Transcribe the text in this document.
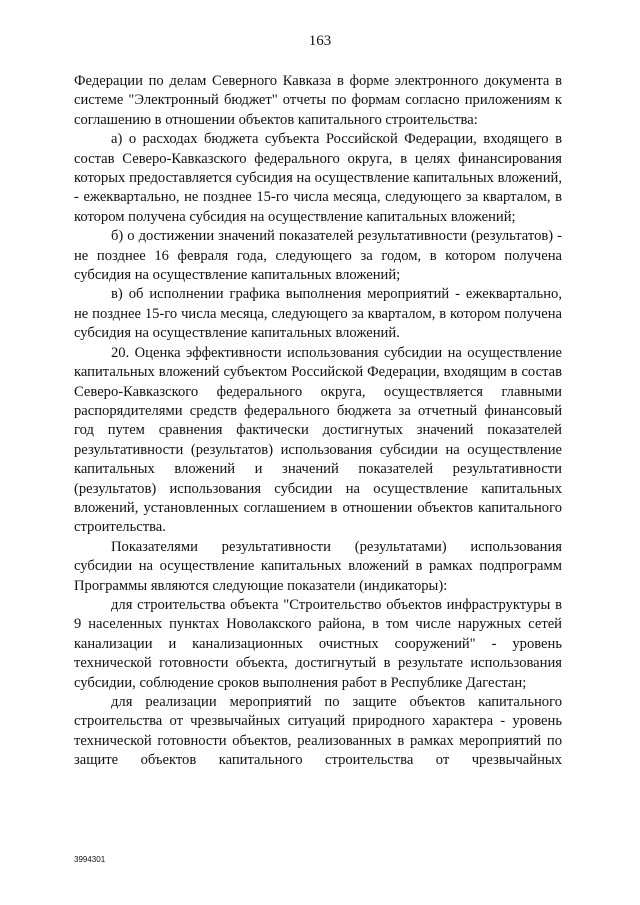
163

Федерации по делам Северного Кавказа в форме электронного документа в системе "Электронный бюджет" отчеты по формам согласно приложениям к соглашению в отношении объектов капитального строительства:

а) о расходах бюджета субъекта Российской Федерации, входящего в состав Северо-Кавказского федерального округа, в целях финансирования которых предоставляется субсидия на осуществление капитальных вложений, - ежеквартально, не позднее 15-го числа месяца, следующего за кварталом, в котором получена субсидия на осуществление капитальных вложений;

б) о достижении значений показателей результативности (результатов) - не позднее 16 февраля года, следующего за годом, в котором получена субсидия на осуществление капитальных вложений;

в) об исполнении графика выполнения мероприятий - ежеквартально, не позднее 15-го числа месяца, следующего за кварталом, в котором получена субсидия на осуществление капитальных вложений.

20. Оценка эффективности использования субсидии на осуществление капитальных вложений субъектом Российской Федерации, входящим в состав Северо-Кавказского федерального округа, осуществляется главными распорядителями средств федерального бюджета за отчетный финансовый год путем сравнения фактически достигнутых значений показателей результативности (результатов) использования субсидии на осуществление капитальных вложений и значений показателей результативности (результатов) использования субсидии на осуществление капитальных вложений, установленных соглашением в отношении объектов капитального строительства.

Показателями результативности (результатами) использования субсидии на осуществление капитальных вложений в рамках подпрограмм Программы являются следующие показатели (индикаторы):

для строительства объекта "Строительство объектов инфраструктуры в 9 населенных пунктах Новолакского района, в том числе наружных сетей канализации и канализационных очистных сооружений" - уровень технической готовности объекта, достигнутый в результате использования субсидии, соблюдение сроков выполнения работ в Республике Дагестан;

для реализации мероприятий по защите объектов капитального строительства от чрезвычайных ситуаций природного характера - уровень технической готовности объектов, реализованных в рамках мероприятий по защите объектов капитального строительства от чрезвычайных

3994301
